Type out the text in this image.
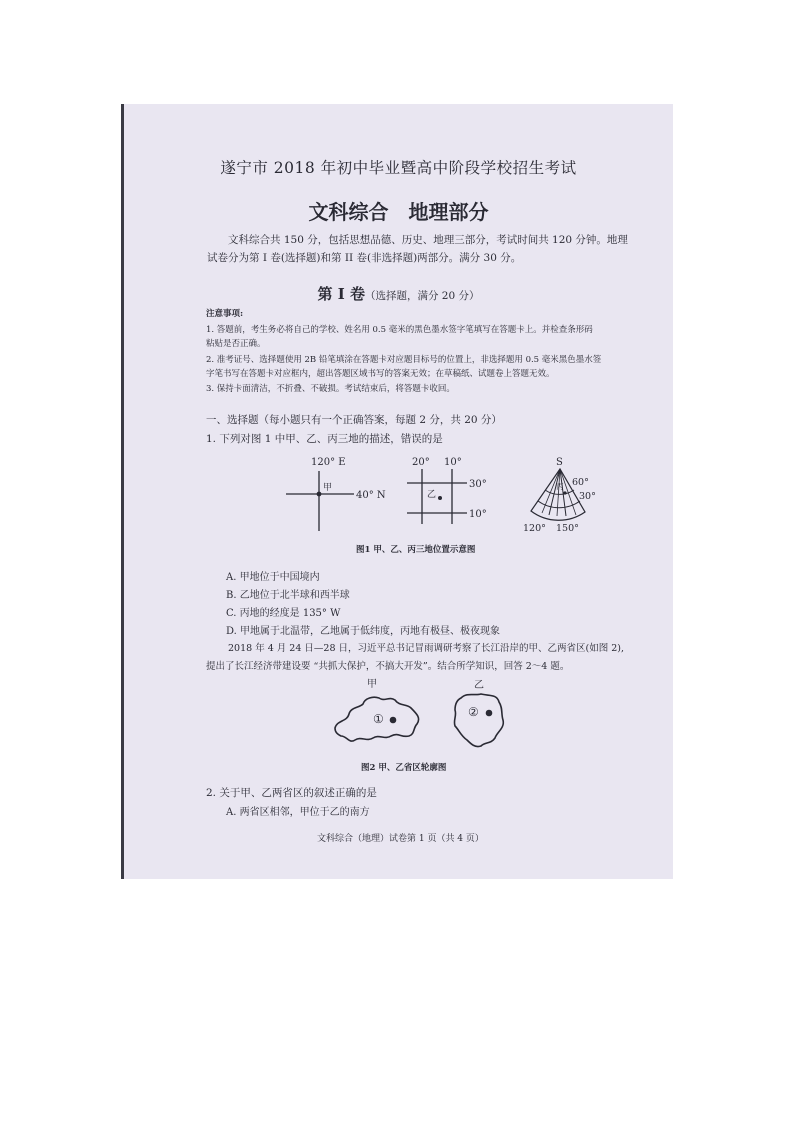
遂宁市 2018 年初中毕业暨高中阶段学校招生考试
文科综合　地理部分
文科综合共 150 分，包括思想品德、历史、地理三部分，考试时间共 120 分钟。地理
试卷分为第 I 卷(选择题)和第 II 卷(非选择题)两部分。满分 30 分。
第 I 卷（选择题，满分 20 分）
注意事项:
1. 答题前，考生务必将自己的学校、姓名用 0.5 毫米的黑色墨水签字笔填写在答题卡上。并检查条形码
粘贴是否正确。
2. 准考证号、选择题使用 2B 铅笔填涂在答题卡对应题目标号的位置上，非选择题用 0.5 毫米黑色墨水签
字笔书写在答题卡对应框内，超出答题区域书写的答案无效；在草稿纸、试题卷上答题无效。
3. 保持卡面清洁，不折叠、不破损。考试结束后，将答题卡收回。
一、选择题（每小题只有一个正确答案，每题 2 分，共 20 分）
1. 下列对图 1 中甲、乙、丙三地的描述，错误的是
120° E
甲
40° N
20° 10°
30°
10°
乙
S
丙 60°
30°
120° 150°
图1 甲、乙、丙三地位置示意图
A. 甲地位于中国境内
B. 乙地位于北半球和西半球
C. 丙地的经度是 135° W
D. 甲地属于北温带，乙地属于低纬度，丙地有极昼、极夜现象
2018 年 4 月 24 日—28 日，习近平总书记冒雨调研考察了长江沿岸的甲、乙两省区(如图 2),
提出了长江经济带建设要 “共抓大保护，不搞大开发”。结合所学知识，回答 2～4 题。
甲
①
乙
②
图2 甲、乙省区轮廓图
2. 关于甲、乙两省区的叙述正确的是
A. 两省区相邻，甲位于乙的南方
文科综合（地理）试卷第 1 页（共 4 页）
